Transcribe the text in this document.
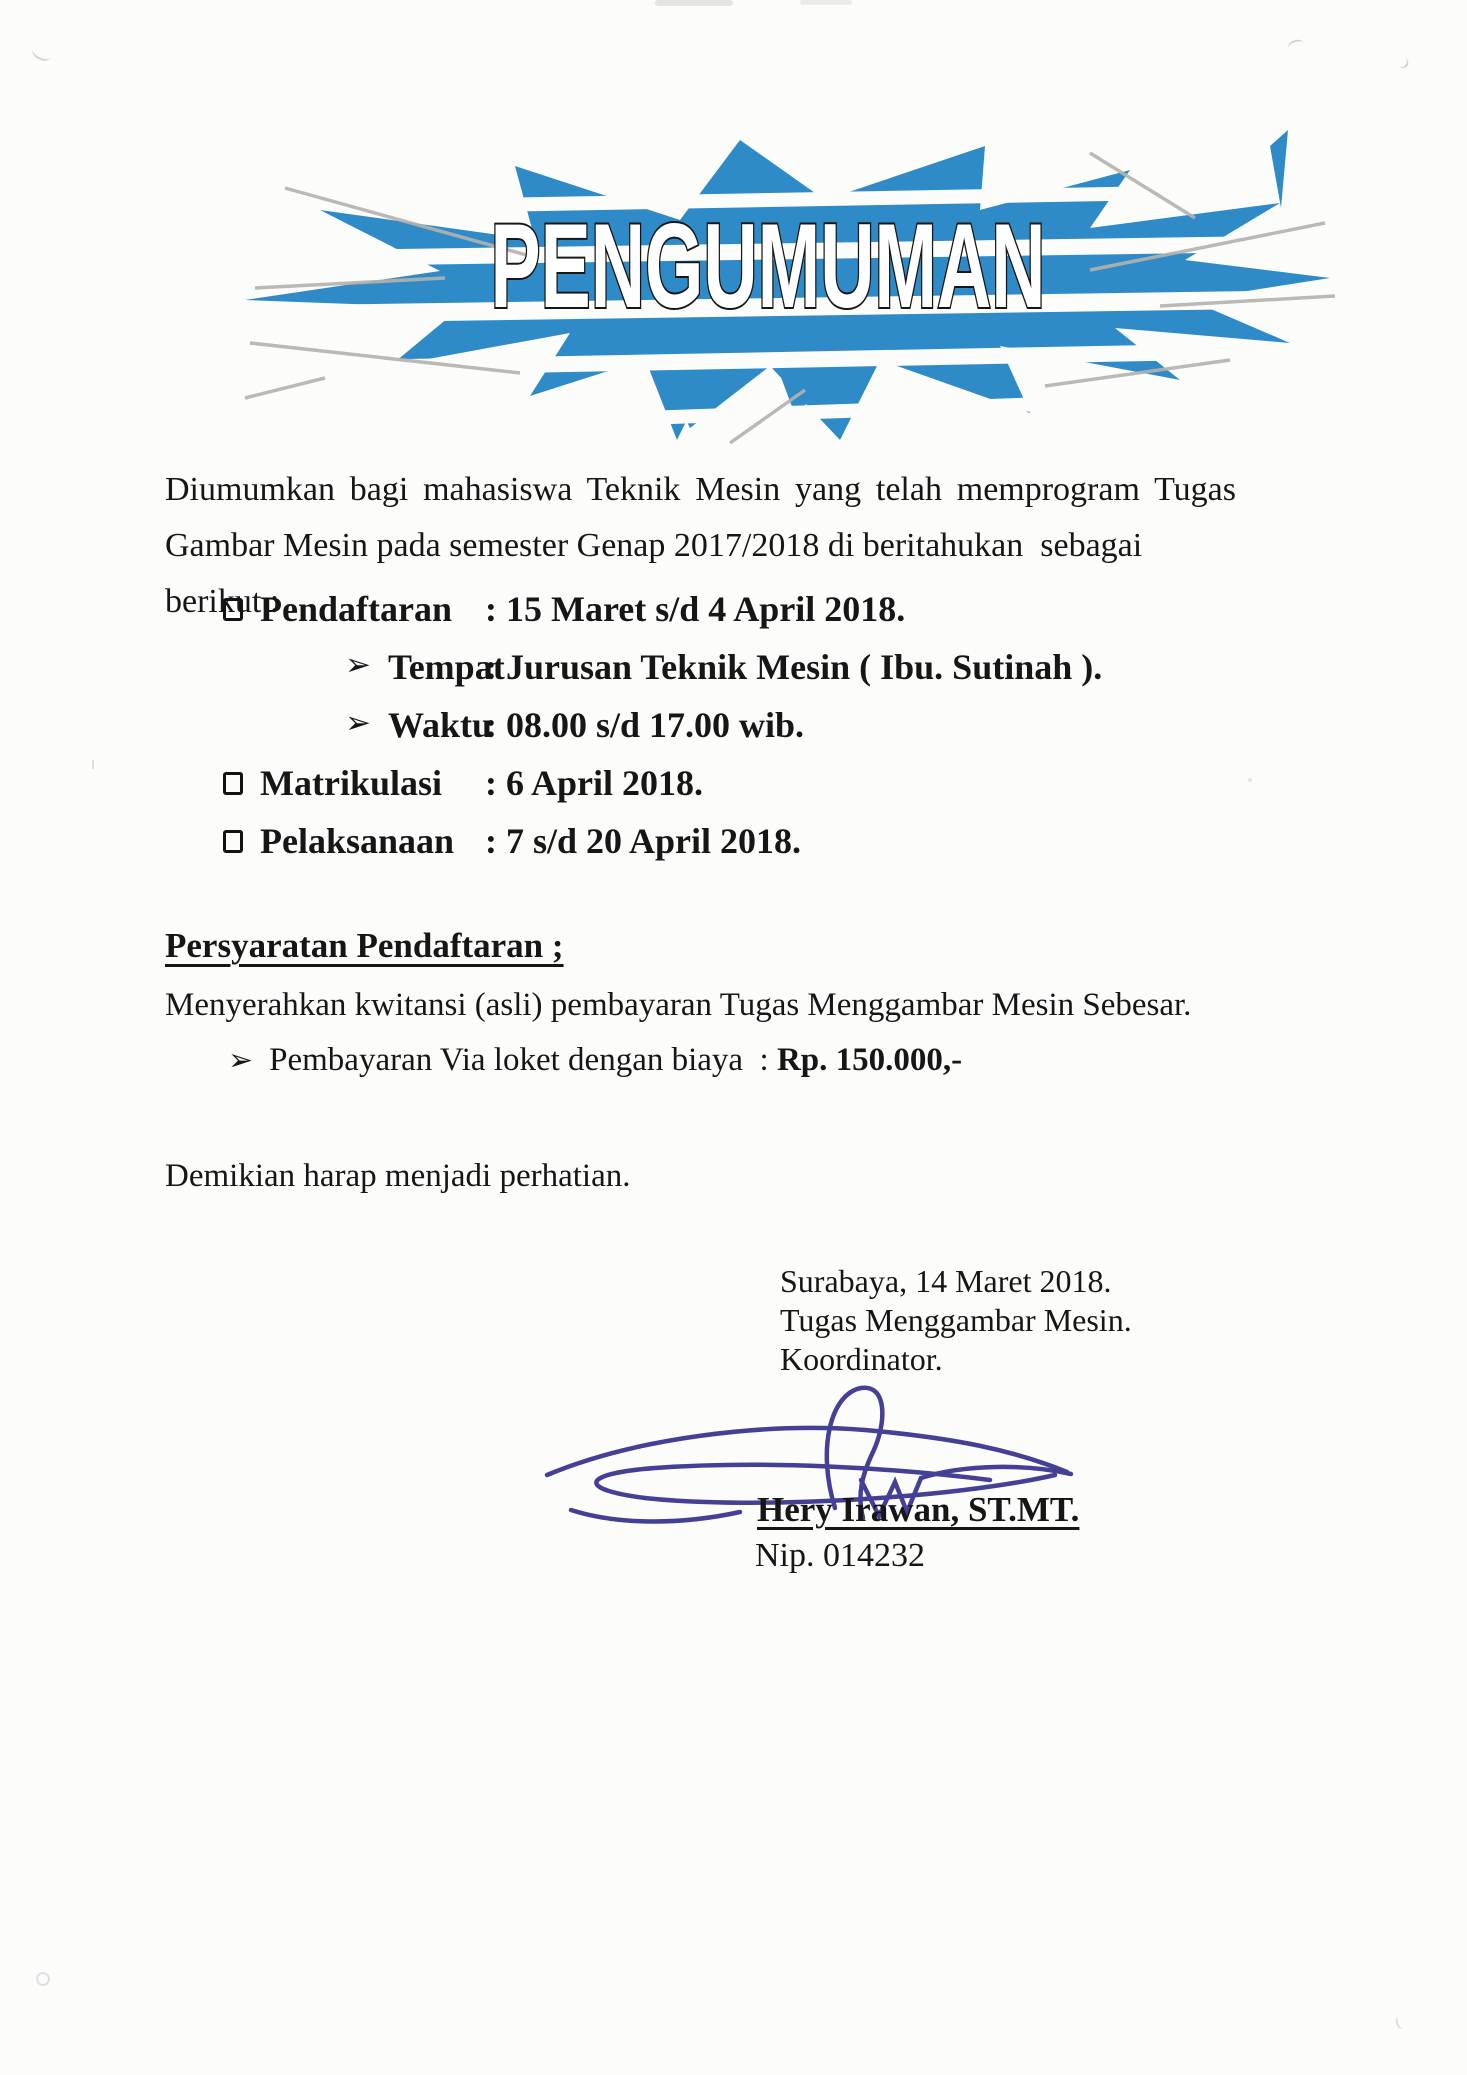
PENGUMUMAN
Diumumkan bagi mahasiswa Teknik Mesin yang telah memprogram Tugas
Gambar Mesin pada semester Genap 2017/2018 di beritahukan  sebagai berikut :
Pendaftaran : 15 Maret s/d 4 April 2018.
➢ Tempat
: Jurusan Teknik Mesin ( Ibu. Sutinah ).
➢ Waktu
: 08.00 s/d 17.00 wib.
Matrikulasi : 6 April 2018.
Pelaksanaan : 7 s/d 20 April 2018.
Persyaratan Pendaftaran ;
Menyerahkan kwitansi (asli) pembayaran Tugas Menggambar Mesin Sebesar.
➢ Pembayaran Via loket dengan biaya  : Rp. 150.000,-
Demikian harap menjadi perhatian.
Surabaya, 14 Maret 2018.
Tugas Menggambar Mesin.
Koordinator.
Hery Irawan, ST.MT.
Nip. 014232
